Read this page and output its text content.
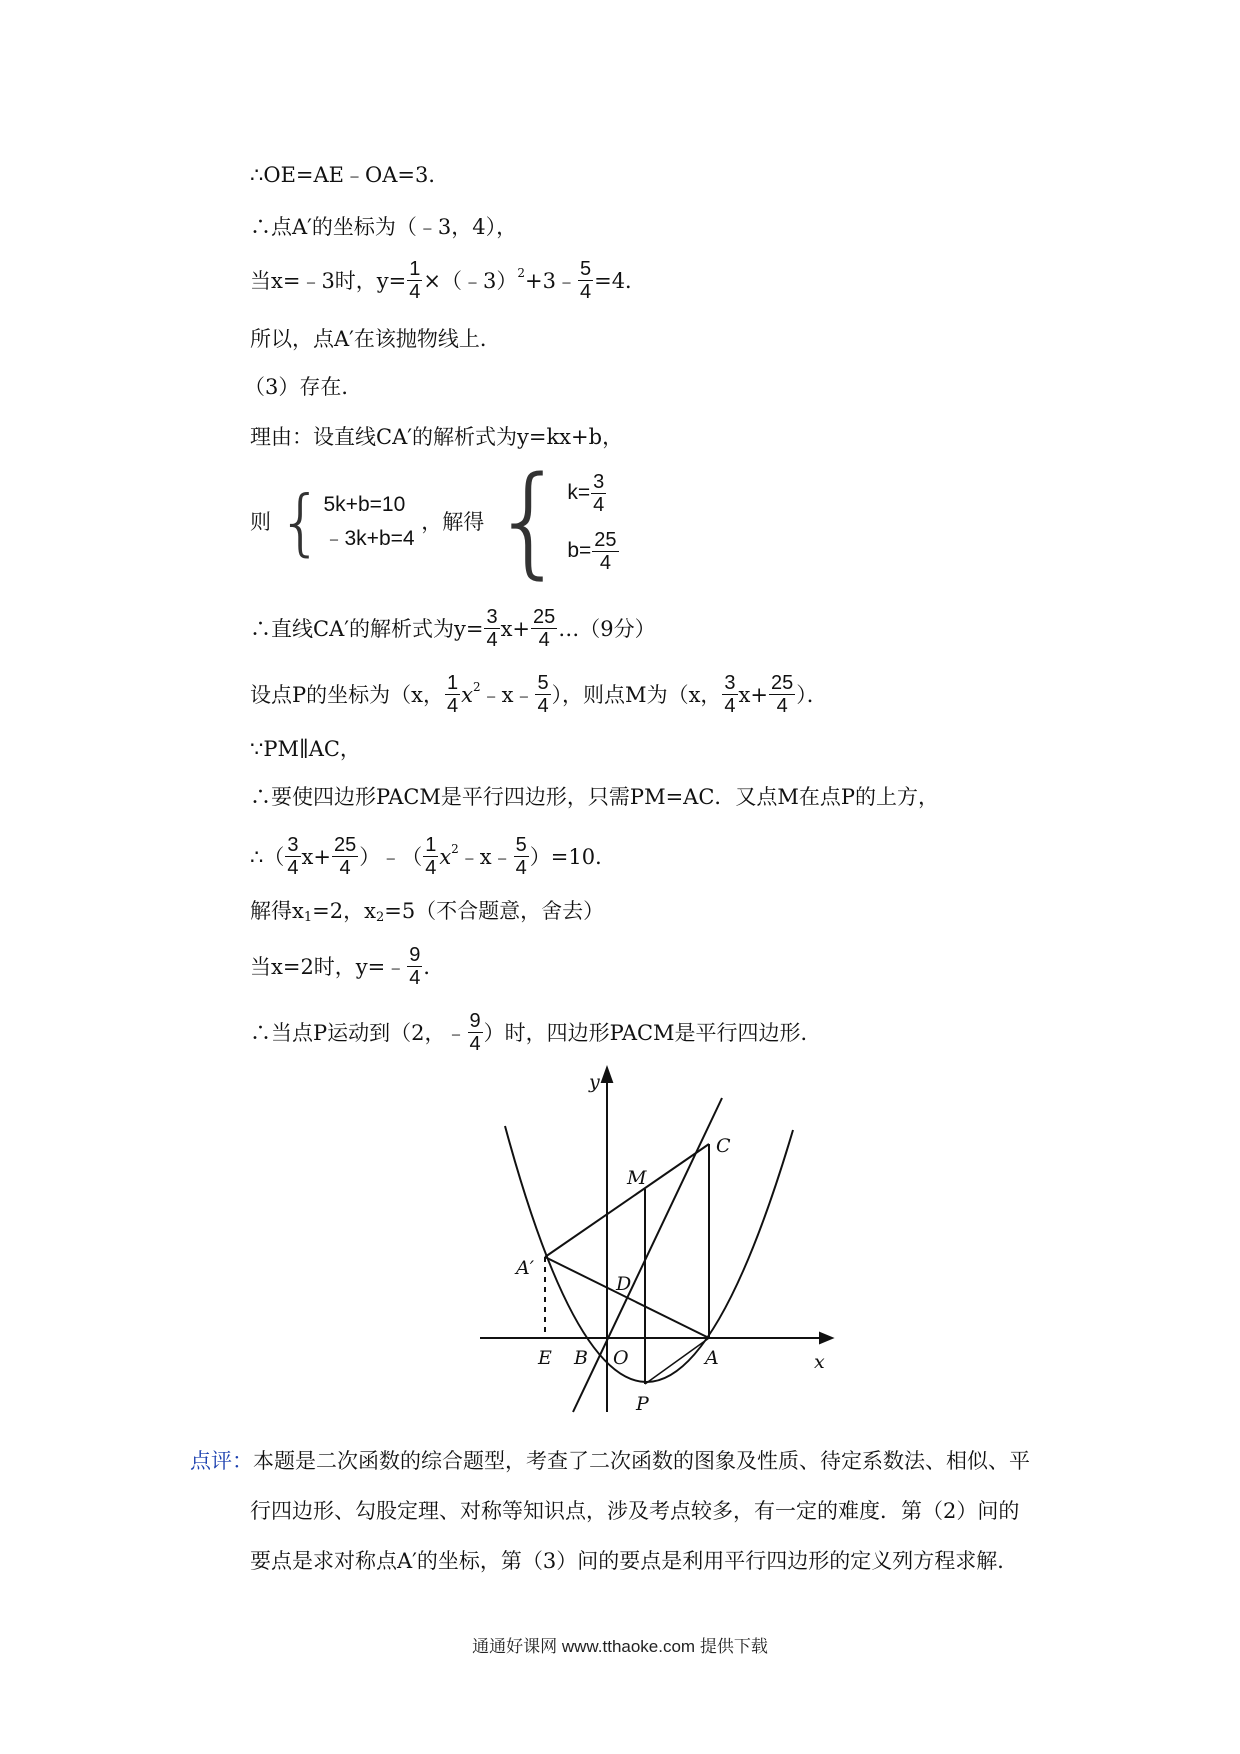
∴OE=AE﹣OA=3．
∴点A′的坐标为（﹣3，4），
当x=﹣3时，$y= \frac{1}{4}$ ×（﹣3）$^2$+3﹣ $\frac{5}{4} =4$．
所以，点A′在该抛物线上．
（3）存在．
理由：设直线CA′的解析式为y=kx+b，
则 { 5k+b=10
﹣3k+b=4
，解得 { $k= \frac{3}{4}$
$b= \frac{25}{4}$
∴直线CA′的解析式为$y= \frac{3}{4} x+ \frac{25}{4}$ …（9分）
设点P的坐标为（x， $\frac{1}{4}$ $x^2﹣x﹣ \frac{5}{4}$ ），则点M为（x， $\frac{3}{4} x+ \frac{25}{4}$ ）．
∵PM∥AC，
∴要使四边形PACM是平行四边形，只需PM=AC．又点M在点P的上方，
∴（ $\frac{3}{4} x+ \frac{25}{4}$ ）﹣（ $\frac{1}{4}$ $x^2﹣x﹣ \frac{5}{4} )=10$．
解得$x_1=2$，$x_2=5$（不合题意，舍去）
当x=2时，y=﹣ $\frac{9}{4}$ ．
∴当点P运动到（2，﹣ $\frac{9}{4}$ ）时，四边形PACM是平行四边形．
y
x
C
M
A′
D
E B O	A
P
点评：本题是二次函数的综合题型，考查了二次函数的图象及性质、待定系数法、相似、平
行四边形、勾股定理、对称等知识点，涉及考点较多，有一定的难度．第（2）问的
要点是求对称点A′的坐标，第（3）问的要点是利用平行四边形的定义列方程求解．
通通好课网 www.tthaoke.com 提供下载
